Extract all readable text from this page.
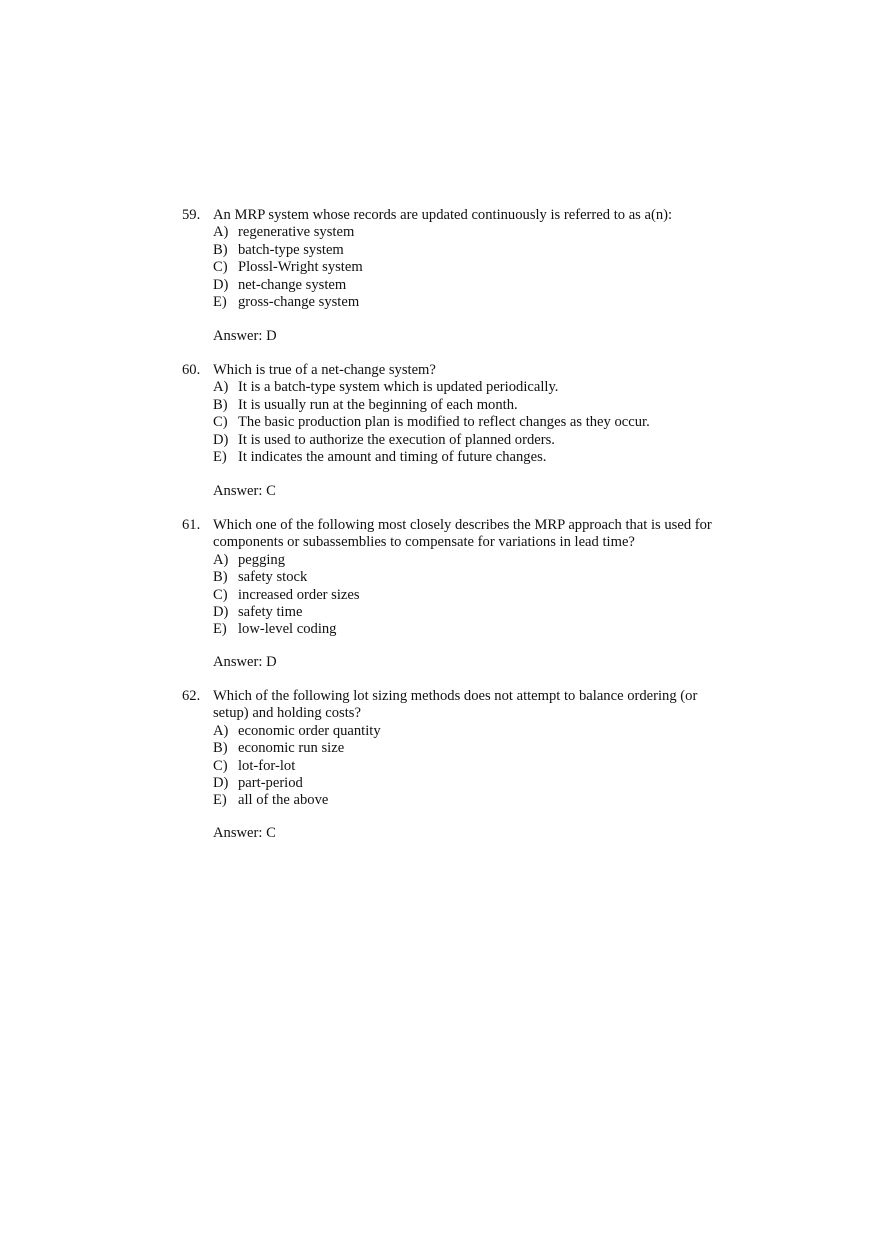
59. An MRP system whose records are updated continuously is referred to as a(n):
A) regenerative system
B) batch-type system
C) Plossl-Wright system
D) net-change system
E) gross-change system
Answer: D
60. Which is true of a net-change system?
A) It is a batch-type system which is updated periodically.
B) It is usually run at the beginning of each month.
C) The basic production plan is modified to reflect changes as they occur.
D) It is used to authorize the execution of planned orders.
E) It indicates the amount and timing of future changes.
Answer: C
61. Which one of the following most closely describes the MRP approach that is used for
components or subassemblies to compensate for variations in lead time?
A) pegging
B) safety stock
C) increased order sizes
D) safety time
E) low-level coding
Answer: D
62. Which of the following lot sizing methods does not attempt to balance ordering (or
setup) and holding costs?
A) economic order quantity
B) economic run size
C) lot-for-lot
D) part-period
E) all of the above
Answer: C
